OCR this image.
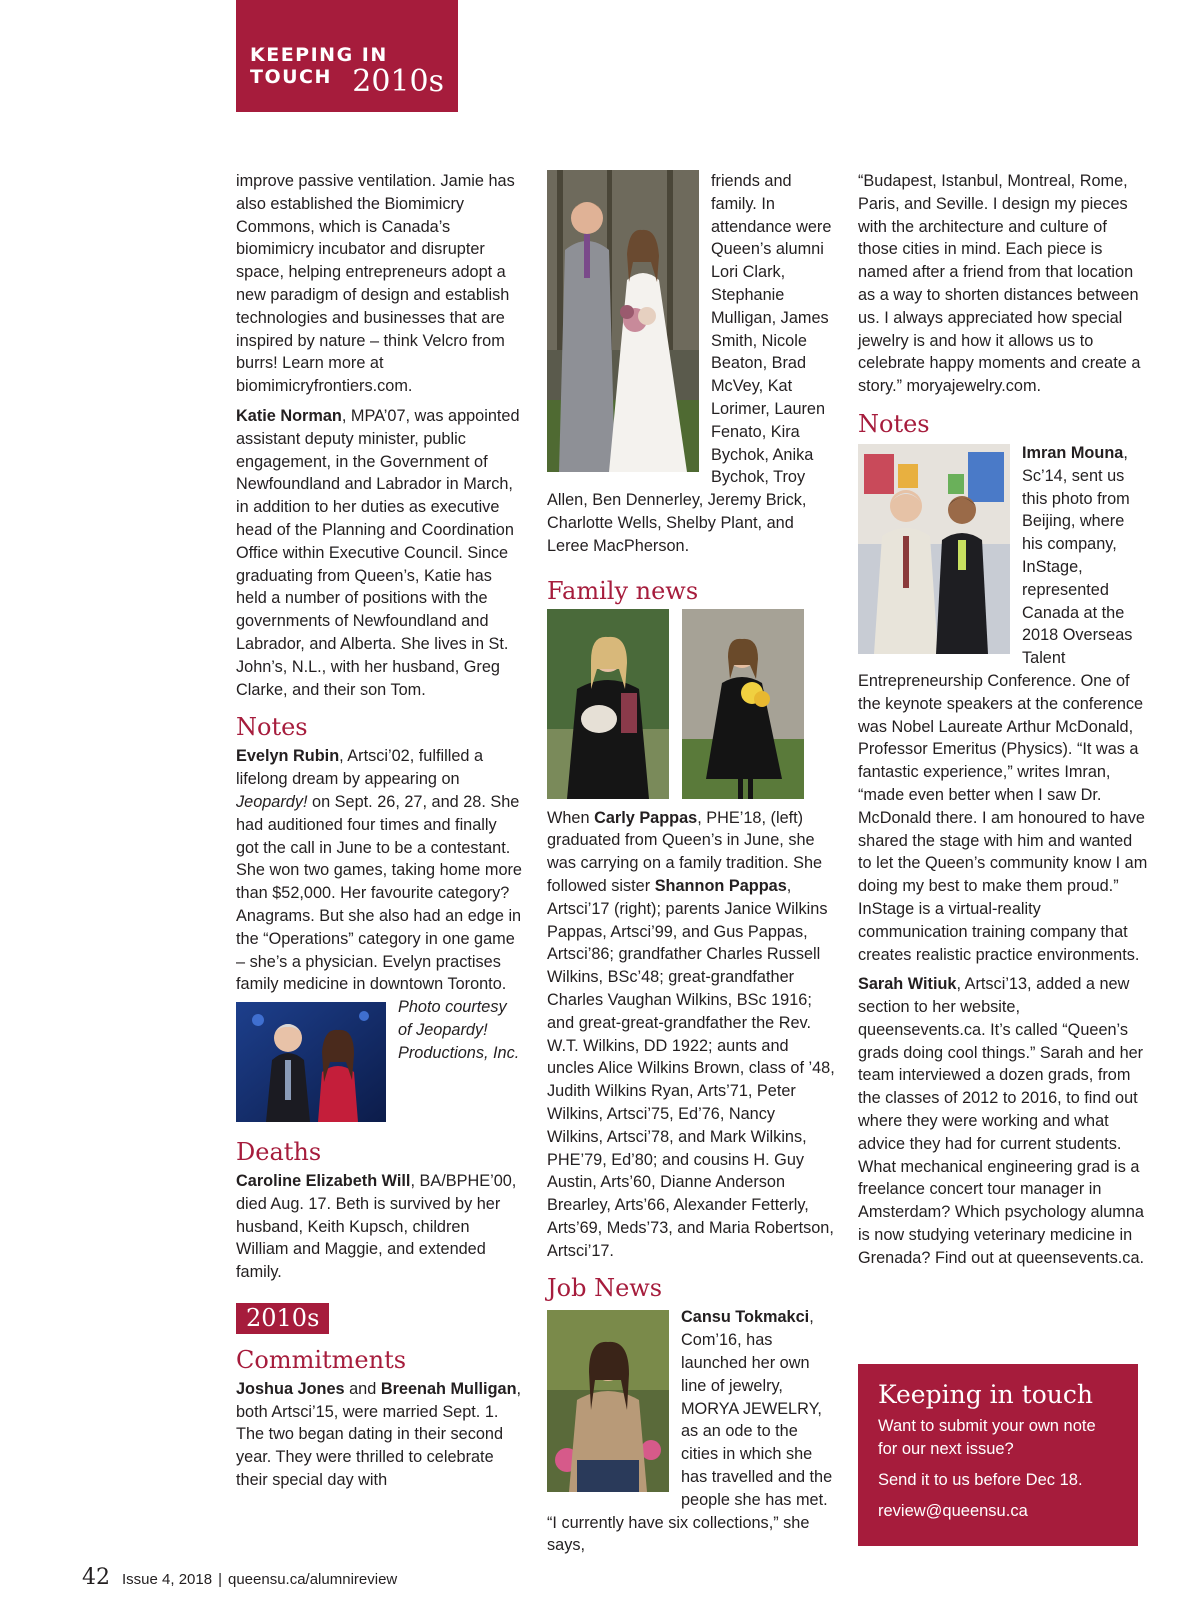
KEEPING IN TOUCH 2010s

improve passive ventilation. Jamie has also established the Biomimicry Commons, which is Canada’s biomimicry incubator and disrupter space, helping entrepreneurs adopt a new paradigm of design and establish technologies and businesses that are inspired by nature – think Velcro from burrs! Learn more at biomimicryfrontiers.com.

Katie Norman, MPA’07, was appointed assistant deputy minister, public engagement, in the Government of Newfoundland and Labrador in March, in addition to her duties as executive head of the Planning and Coordination Office within Executive Council. Since graduating from Queen’s, Katie has held a number of positions with the governments of Newfoundland and Labrador, and Alberta. She lives in St. John’s, N.L., with her husband, Greg Clarke, and their son Tom.

Notes

Evelyn Rubin, Artsci’02, fulfilled a lifelong dream by appearing on Jeopardy! on Sept. 26, 27, and 28. She had auditioned four times and finally got the call in June to be a contestant. She won two games, taking home more than $52,000. Her favourite category? Anagrams. But she also had an edge in the “Operations” category in one game – she’s a physician. Evelyn practises family medicine in downtown Toronto.
Photo courtesy of Jeopardy! Productions, Inc.

Deaths

Caroline Elizabeth Will, BA/BPHE’00, died Aug. 17. Beth is survived by her husband, Keith Kupsch, children William and Maggie, and extended family.

2010s
Commitments

Joshua Jones and Breenah Mulligan, both Artsci’15, were married Sept. 1. The two began dating in their second year. They were thrilled to celebrate their special day with

friends and family. In attendance were Queen’s alumni Lori Clark, Stephanie Mulligan, James Smith, Nicole Beaton, Brad McVey, Kat Lorimer, Lauren Fenato, Kira Bychok, Anika Bychok, Troy Allen, Ben Dennerley, Jeremy Brick, Charlotte Wells, Shelby Plant, and Leree MacPherson.

Family news

When Carly Pappas, PHE’18, (left) graduated from Queen’s in June, she was carrying on a family tradition. She followed sister Shannon Pappas, Artsci’17 (right); parents Janice Wilkins Pappas, Artsci’99, and Gus Pappas, Artsci’86; grandfather Charles Russell Wilkins, BSc’48; great-grandfather Charles Vaughan Wilkins, BSc 1916; and great-great-grandfather the Rev. W.T. Wilkins, DD 1922; aunts and uncles Alice Wilkins Brown, class of ’48, Judith Wilkins Ryan, Arts’71, Peter Wilkins, Artsci’75, Ed’76, Nancy Wilkins, Artsci’78, and Mark Wilkins, PHE’79, Ed’80; and cousins H. Guy Austin, Arts’60, Dianne Anderson Brearley, Arts’66, Alexander Fetterly, Arts’69, Meds’73, and Maria Robertson, Artsci’17.

Job News

Cansu Tokmakci, Com’16, has launched her own line of jewelry, MORYA JEWELRY, as an ode to the cities in which she has travelled and the people she has met. “I currently have six collections,” she says,

“Budapest, Istanbul, Montreal, Rome, Paris, and Seville. I design my pieces with the architecture and culture of those cities in mind. Each piece is named after a friend from that location as a way to shorten distances between us. I always appreciated how special jewelry is and how it allows us to celebrate happy moments and create a story.” moryajewelry.com.

Notes

Imran Mouna, Sc’14, sent us this photo from Beijing, where his company, InStage, represented Canada at the 2018 Overseas Talent Entrepreneurship Conference. One of the keynote speakers at the conference was Nobel Laureate Arthur McDonald, Professor Emeritus (Physics). “It was a fantastic experience,” writes Imran, “made even better when I saw Dr. McDonald there. I am honoured to have shared the stage with him and wanted to let the Queen’s community know I am doing my best to make them proud.” InStage is a virtual-reality communication training company that creates realistic practice environments.

Sarah Witiuk, Artsci’13, added a new section to her website, queensevents.ca. It’s called “Queen’s grads doing cool things.” Sarah and her team interviewed a dozen grads, from the classes of 2012 to 2016, to find out where they were working and what advice they had for current students. What mechanical engineering grad is a freelance concert tour manager in Amsterdam? Which psychology alumna is now studying veterinary medicine in Grenada? Find out at queensevents.ca.

Keeping in touch

Want to submit your own note for our next issue?

Send it to us before Dec 18.

review@queensu.ca

42 Issue 4, 2018 | queensu.ca/alumnireview
